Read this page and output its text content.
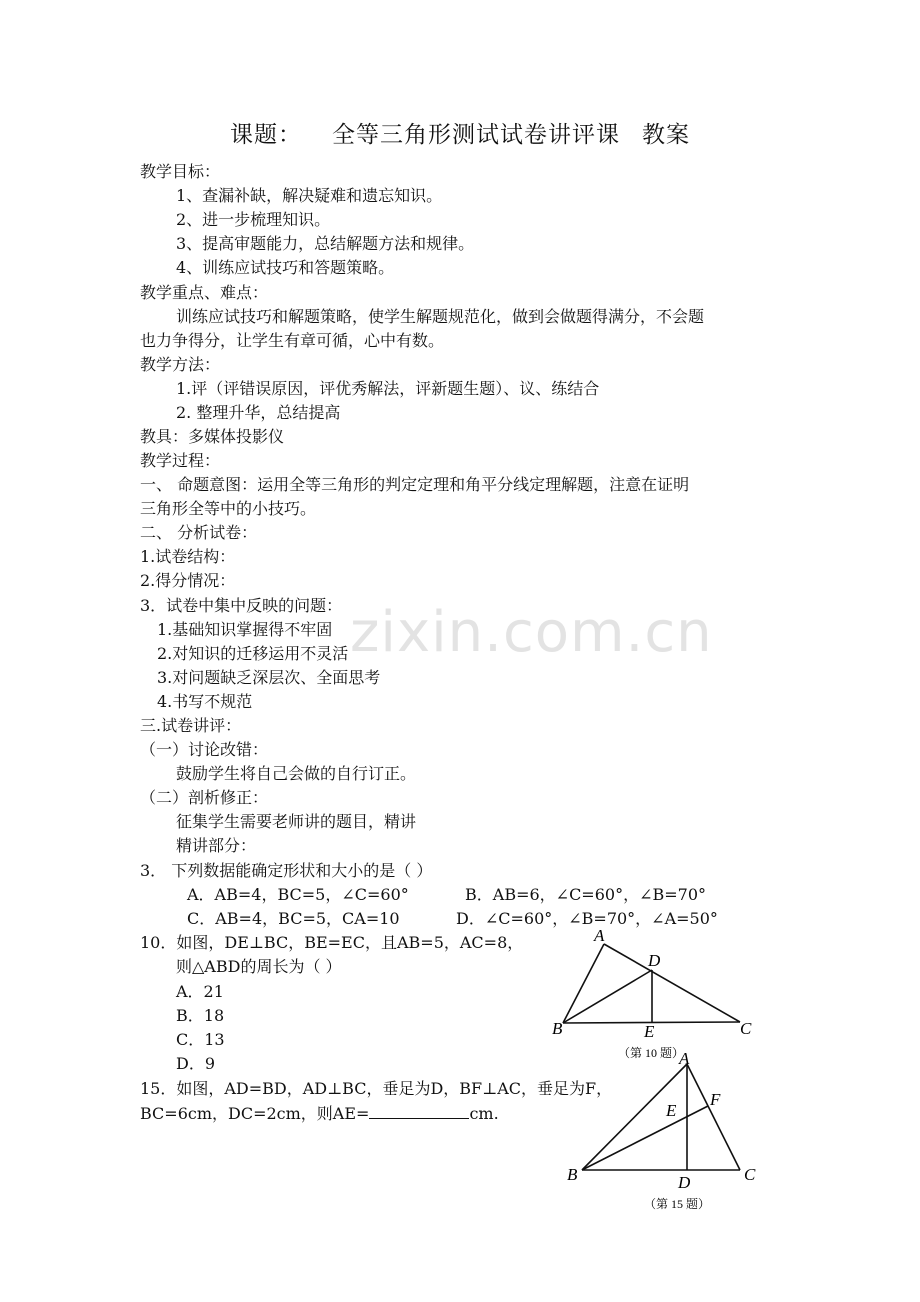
zixin.com.cn
课题： 全等三角形测试试卷讲评课 教案
教学目标：
1、查漏补缺，解决疑难和遗忘知识。
2、进一步梳理知识。
3、提高审题能力，总结解题方法和规律。
4、训练应试技巧和答题策略。
教学重点、难点：
训练应试技巧和解题策略，使学生解题规范化，做到会做题得满分，不会题
也力争得分，让学生有章可循，心中有数。
教学方法：
1.评（评错误原因，评优秀解法，评新题生题）、议、练结合
2. 整理升华，总结提高
教具：多媒体投影仪
教学过程：
一、 命题意图：运用全等三角形的判定定理和角平分线定理解题，注意在证明
三角形全等中的小技巧。
二、 分析试卷：
1.试卷结构：
2.得分情况：
3．试卷中集中反映的问题：
1.基础知识掌握得不牢固
2.对知识的迁移运用不灵活
3.对问题缺乏深层次、全面思考
4.书写不规范
三.试卷讲评：
（一）讨论改错：
鼓励学生将自己会做的自行订正。
（二）剖析修正：
征集学生需要老师讲的题目，精讲
精讲部分：
3． 下列数据能确定形状和大小的是（ ）
A．AB=4，BC=5，∠C=60°	B．AB=6，∠C=60°，∠B=70°
C．AB=4，BC=5，CA=10	D．∠C=60°，∠B=70°，∠A=50°
10．如图，DE⊥BC，BE=EC，且AB=5，AC=8，
则△ABD的周长为（ ）
A．21
B．18
C．13
D．9
A
D
B	E	C
（第 10 题）
15．如图，AD=BD，AD⊥BC，垂足为D，BF⊥AC，垂足为F，
BC=6cm，DC=2cm，则AE=	cm.
A
F
E
B	D	C
（第 15 题）
